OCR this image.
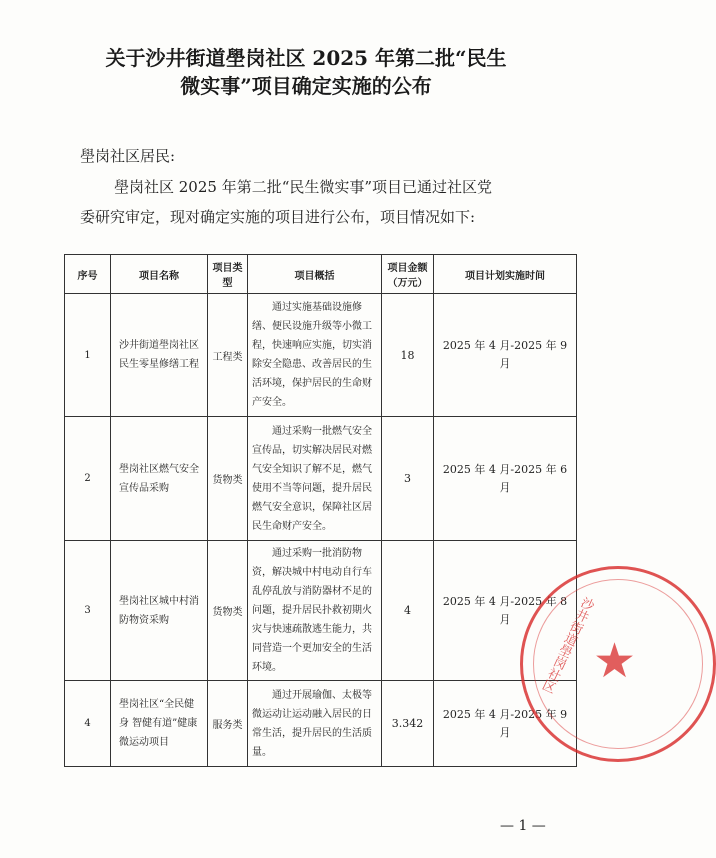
关于沙井街道壆岗社区 2025 年第二批“民生
微实事”项目确定实施的公布
壆岗社区居民:
壆岗社区 2025 年第二批“民生微实事”项目已通过社区党
委研究审定，现对确定实施的项目进行公布，项目情况如下:
序号	项目名称	项目类型	项目概括	项目金额（万元）	项目计划实施时间
1	沙井街道壆岗社区民生零星修缮工程	工程类	通过实施基础设施修缮、便民设施升级等小微工程，快速响应实施，切实消除安全隐患、改善居民的生活环境，保护居民的生命财产安全。	18	2025 年 4 月-2025 年 9 月
2	壆岗社区燃气安全宣传品采购	货物类	通过采购一批燃气安全宣传品，切实解决居民对燃气安全知识了解不足，燃气使用不当等问题，提升居民燃气安全意识，保障社区居民生命财产安全。	3	2025 年 4 月-2025 年 6 月
3	壆岗社区城中村消防物资采购	货物类	通过采购一批消防物资，解决城中村电动自行车乱停乱放与消防器材不足的问题，提升居民扑救初期火灾与快速疏散逃生能力，共同营造一个更加安全的生活环境。	4	2025 年 4 月-2025 年 8 月
4	壆岗社区“全民健身 智健有道”健康微运动项目	服务类	通过开展瑜伽、太极等微运动让运动融入居民的日常生活，提升居民的生活质量。	3.342	2025 年 4 月-2025 年 9 月
沙井街道壆岗社区
★
— 1 —
